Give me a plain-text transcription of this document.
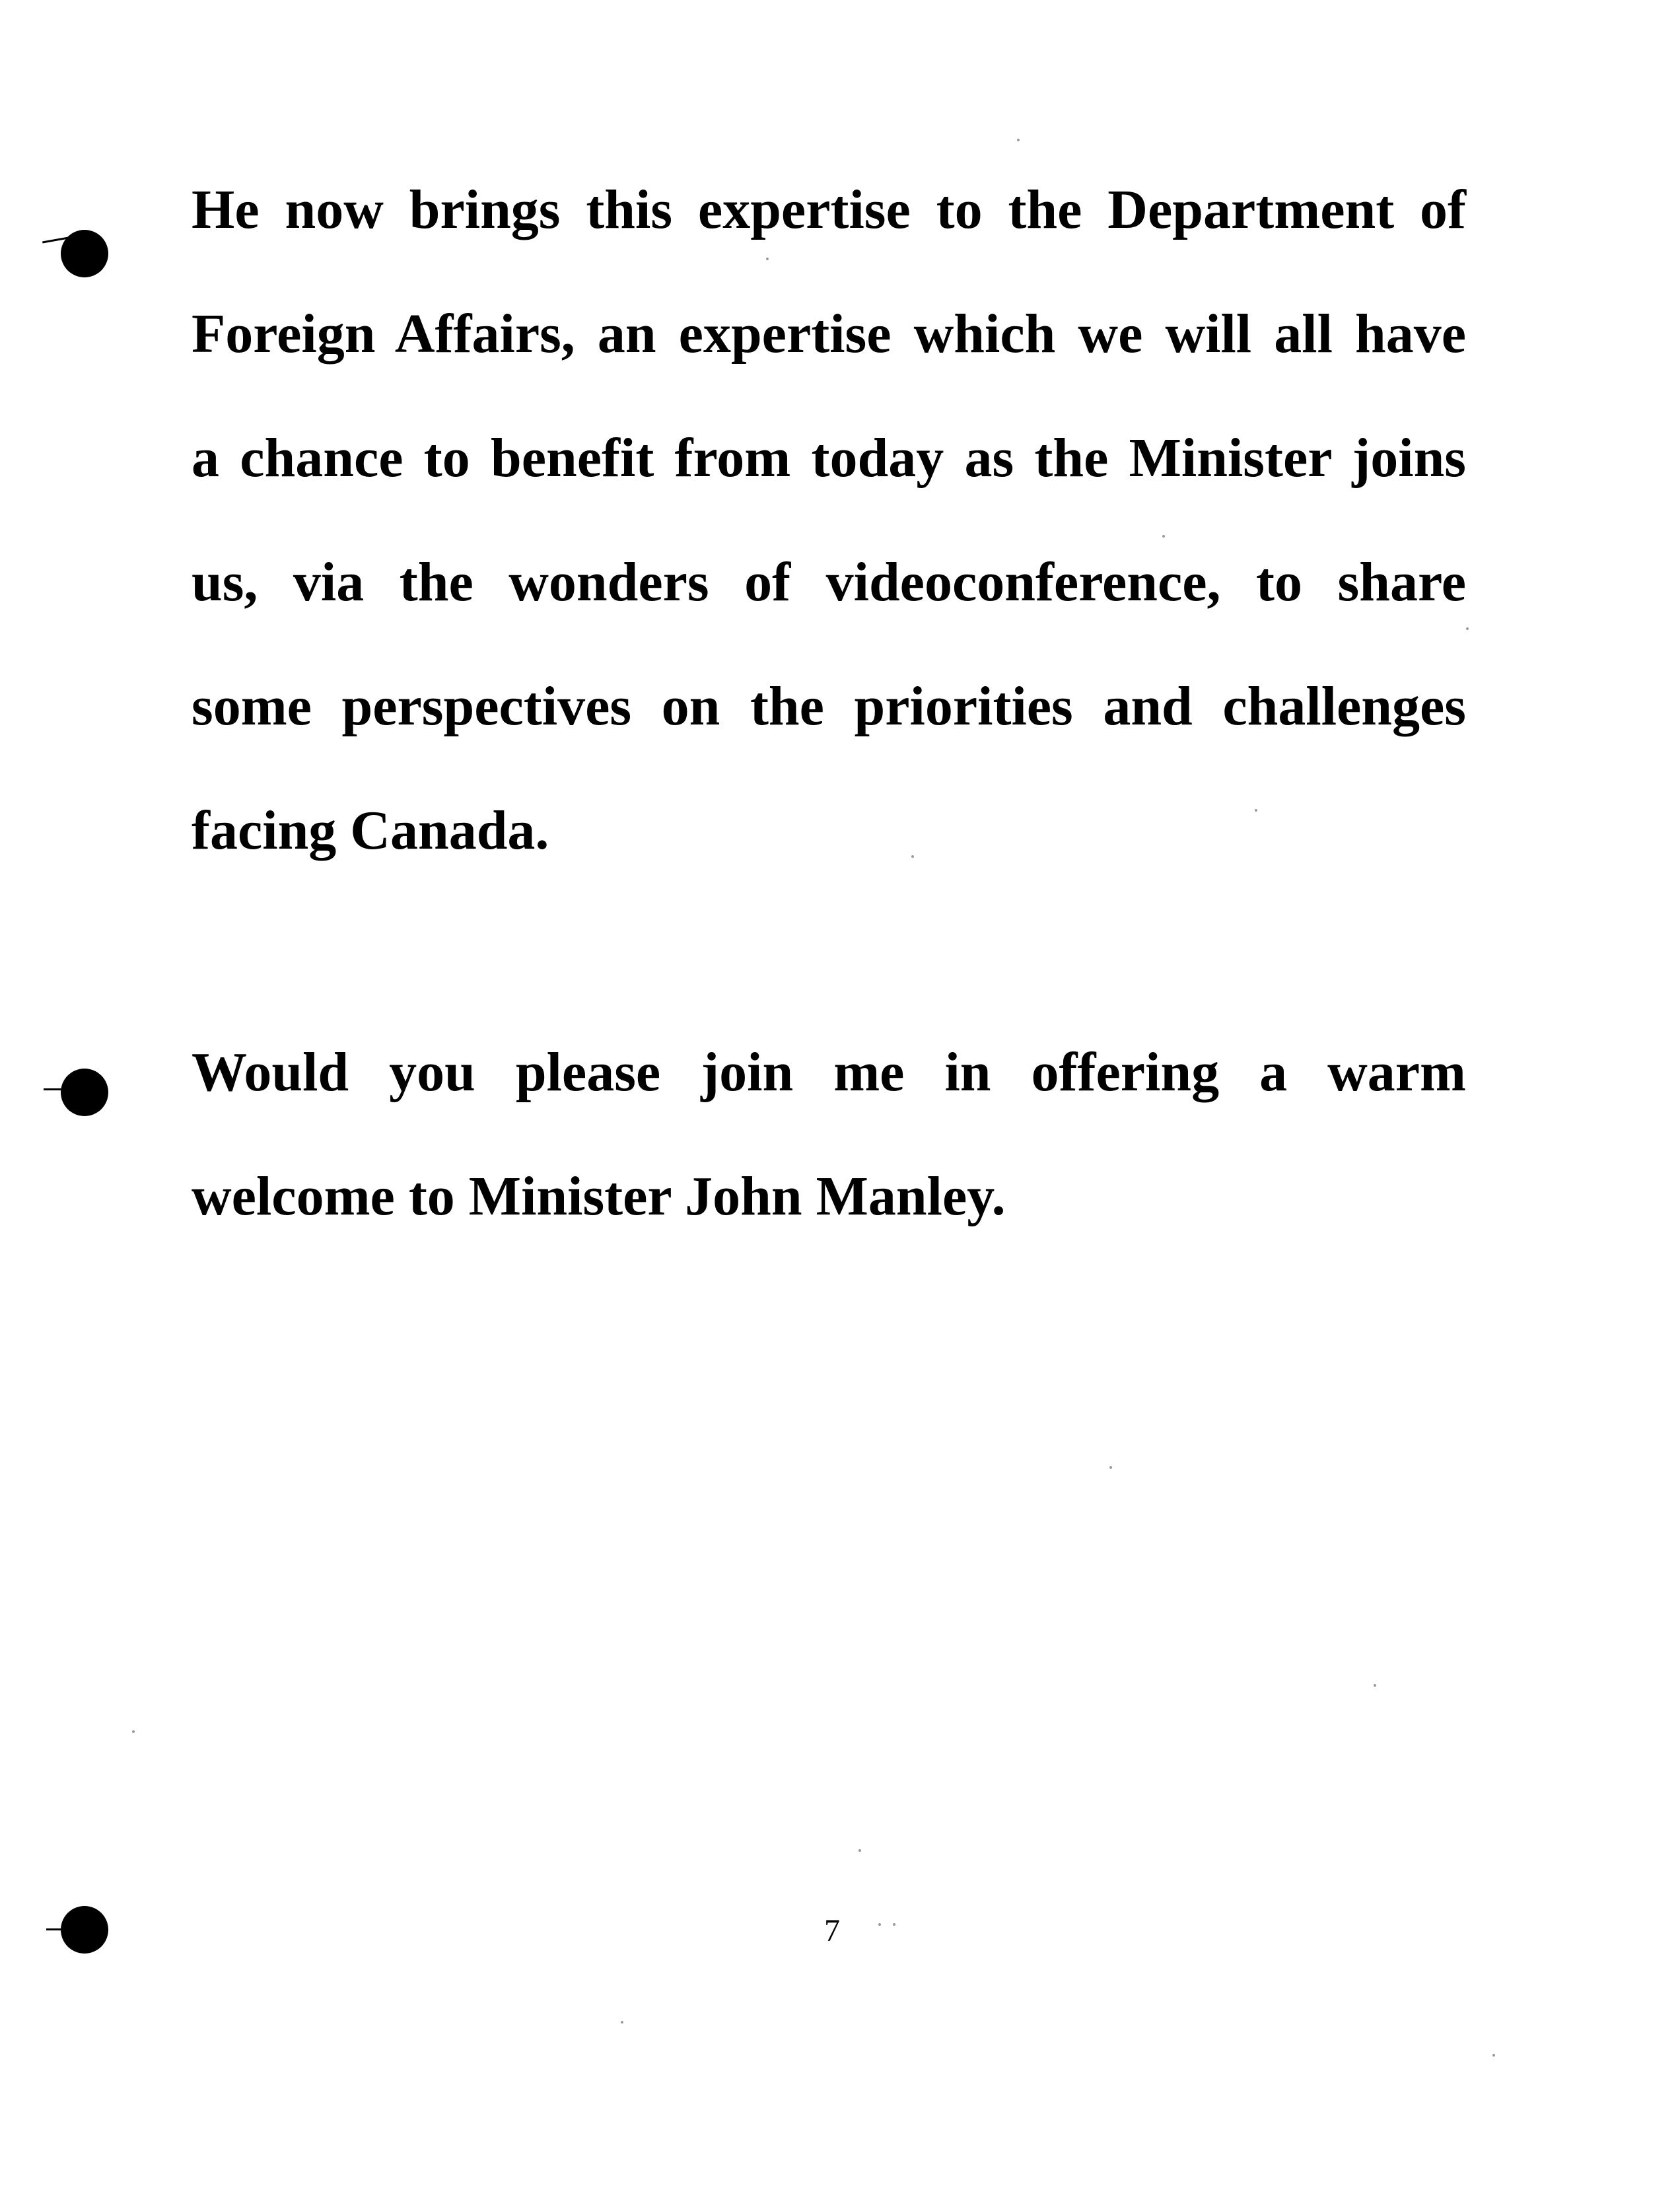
He now brings this expertise to the Department of
Foreign Affairs, an expertise which we will all have
a chance to benefit from today as the Minister joins
us, via the wonders of videoconference, to share
some perspectives on the priorities and challenges
facing Canada.
Would you please join me in offering a warm
welcome to Minister John Manley.
7
